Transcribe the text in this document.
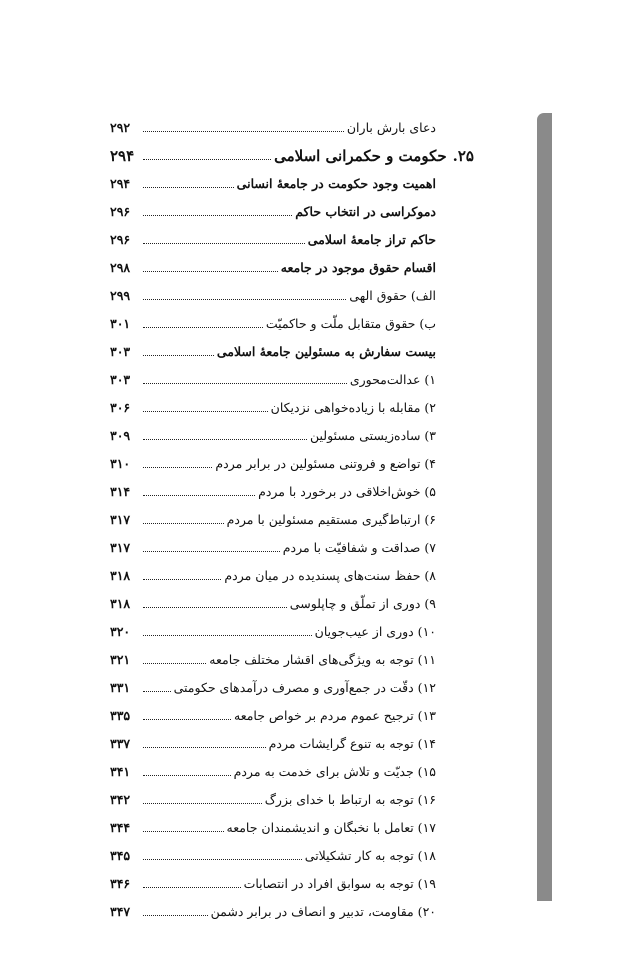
دعای بارش باران
۲۹۲
۲۵.
حکومت و حکمرانی اسلامی
۲۹۴
اهمیت وجود حکومت در جامعهٔ انسانی
۲۹۴
دموکراسی در انتخاب حاکم
۲۹۶
حاکم تراز جامعهٔ اسلامی
۲۹۶
اقسام حقوق موجود در جامعه
۲۹۸
الف) حقوق الهی
۲۹۹
ب) حقوق متقابل ملّت و حاکمیّت
۳۰۱
بیست سفارش به مسئولین جامعهٔ اسلامی
۳۰۳
۱) عدالت‌محوری
۳۰۳
۲) مقابله با زیاده‌خواهی نزدیکان
۳۰۶
۳) ساده‌زیستی مسئولین
۳۰۹
۴) تواضع و فروتنی مسئولین در برابر مردم
۳۱۰
۵) خوش‌اخلاقی در برخورد با مردم
۳۱۴
۶) ارتباط‌گیری مستقیم مسئولین با مردم
۳۱۷
۷) صداقت و شفافیّت با مردم
۳۱۷
۸) حفظ سنت‌های پسندیده در میان مردم
۳۱۸
۹) دوری از تملّق و چاپلوسی
۳۱۸
۱۰) دوری از عیب‌جویان
۳۲۰
۱۱) توجه به ویژگی‌های اقشار مختلف جامعه
۳۲۱
۱۲) دقّت در جمع‌آوری و مصرف درآمدهای حکومتی
۳۳۱
۱۳) ترجیح عموم مردم بر خواص جامعه
۳۳۵
۱۴) توجه به تنوع گرایشات مردم
۳۳۷
۱۵) جدیّت و تلاش برای خدمت به مردم
۳۴۱
۱۶) توجه به ارتباط با خدای بزرگ
۳۴۲
۱۷) تعامل با نخبگان و اندیشمندان جامعه
۳۴۴
۱۸) توجه به کار تشکیلاتی
۳۴۵
۱۹) توجه به سوابق افراد در انتصابات
۳۴۶
۲۰) مقاومت، تدبیر و انصاف در برابر دشمن
۳۴۷
